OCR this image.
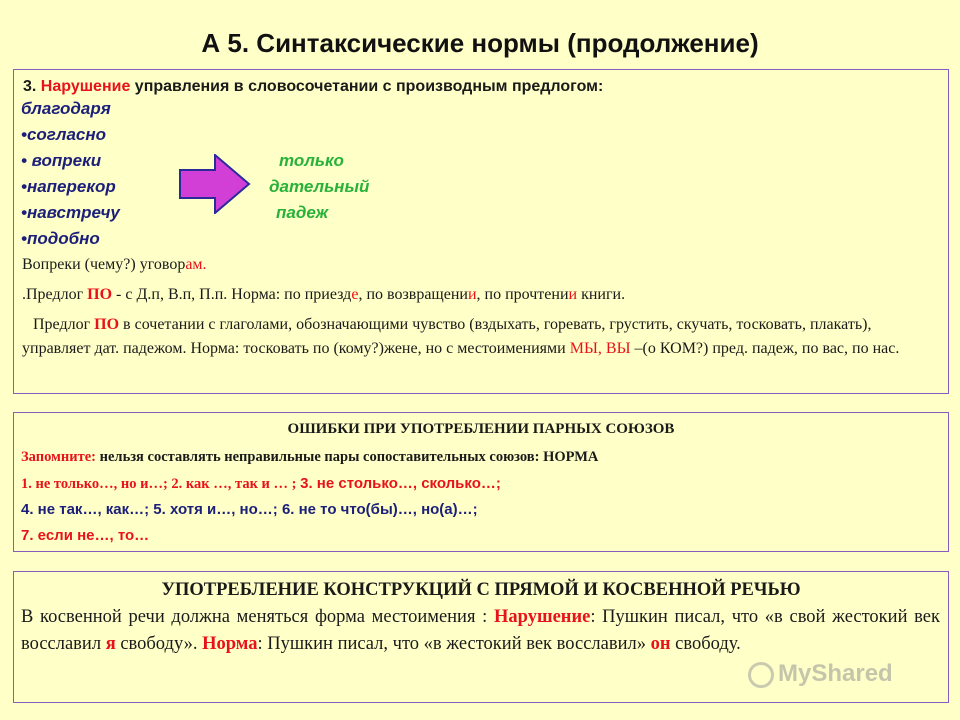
А 5. Синтаксические нормы (продолжение)
3. Нарушение управления в словосочетании с производным предлогом:
благодаря
•согласно
• вопреки
•наперекор
•навстречу
•подобно
только
дательный
падеж
Вопреки (чему?) уговорам.
.Предлог ПО - с Д.п, В.п, П.п. Норма: по приезде, по возвращении, по прочтении книги.
Предлог ПО в сочетании с глаголами, обозначающими чувство (вздыхать, горевать, грустить, скучать, тосковать, плакать), управляет дат. падежом. Норма: тосковать по (кому?)жене, но с местоимениями МЫ, ВЫ –(о КОМ?) пред. падеж, по вас, по нас.
ОШИБКИ ПРИ УПОТРЕБЛЕНИИ ПАРНЫХ СОЮЗОВ
Запомните: нельзя составлять неправильные пары сопоставительных союзов: НОРМА
1. не только…, но и…; 2. как …, так и … ; 3. не столько…, сколько…;
4. не так…, как…; 5. хотя и…, но…; 6. не то что(бы)…, но(а)…;
7. если не…, то…
УПОТРЕБЛЕНИЕ КОНСТРУКЦИЙ С ПРЯМОЙ И КОСВЕННОЙ РЕЧЬЮ
В косвенной речи должна меняться форма местоимения : Нарушение: Пушкин писал, что «в свой жестокий век восславил я свободу». Норма: Пушкин писал, что «в жестокий век восславил» он свободу.
MyShared
